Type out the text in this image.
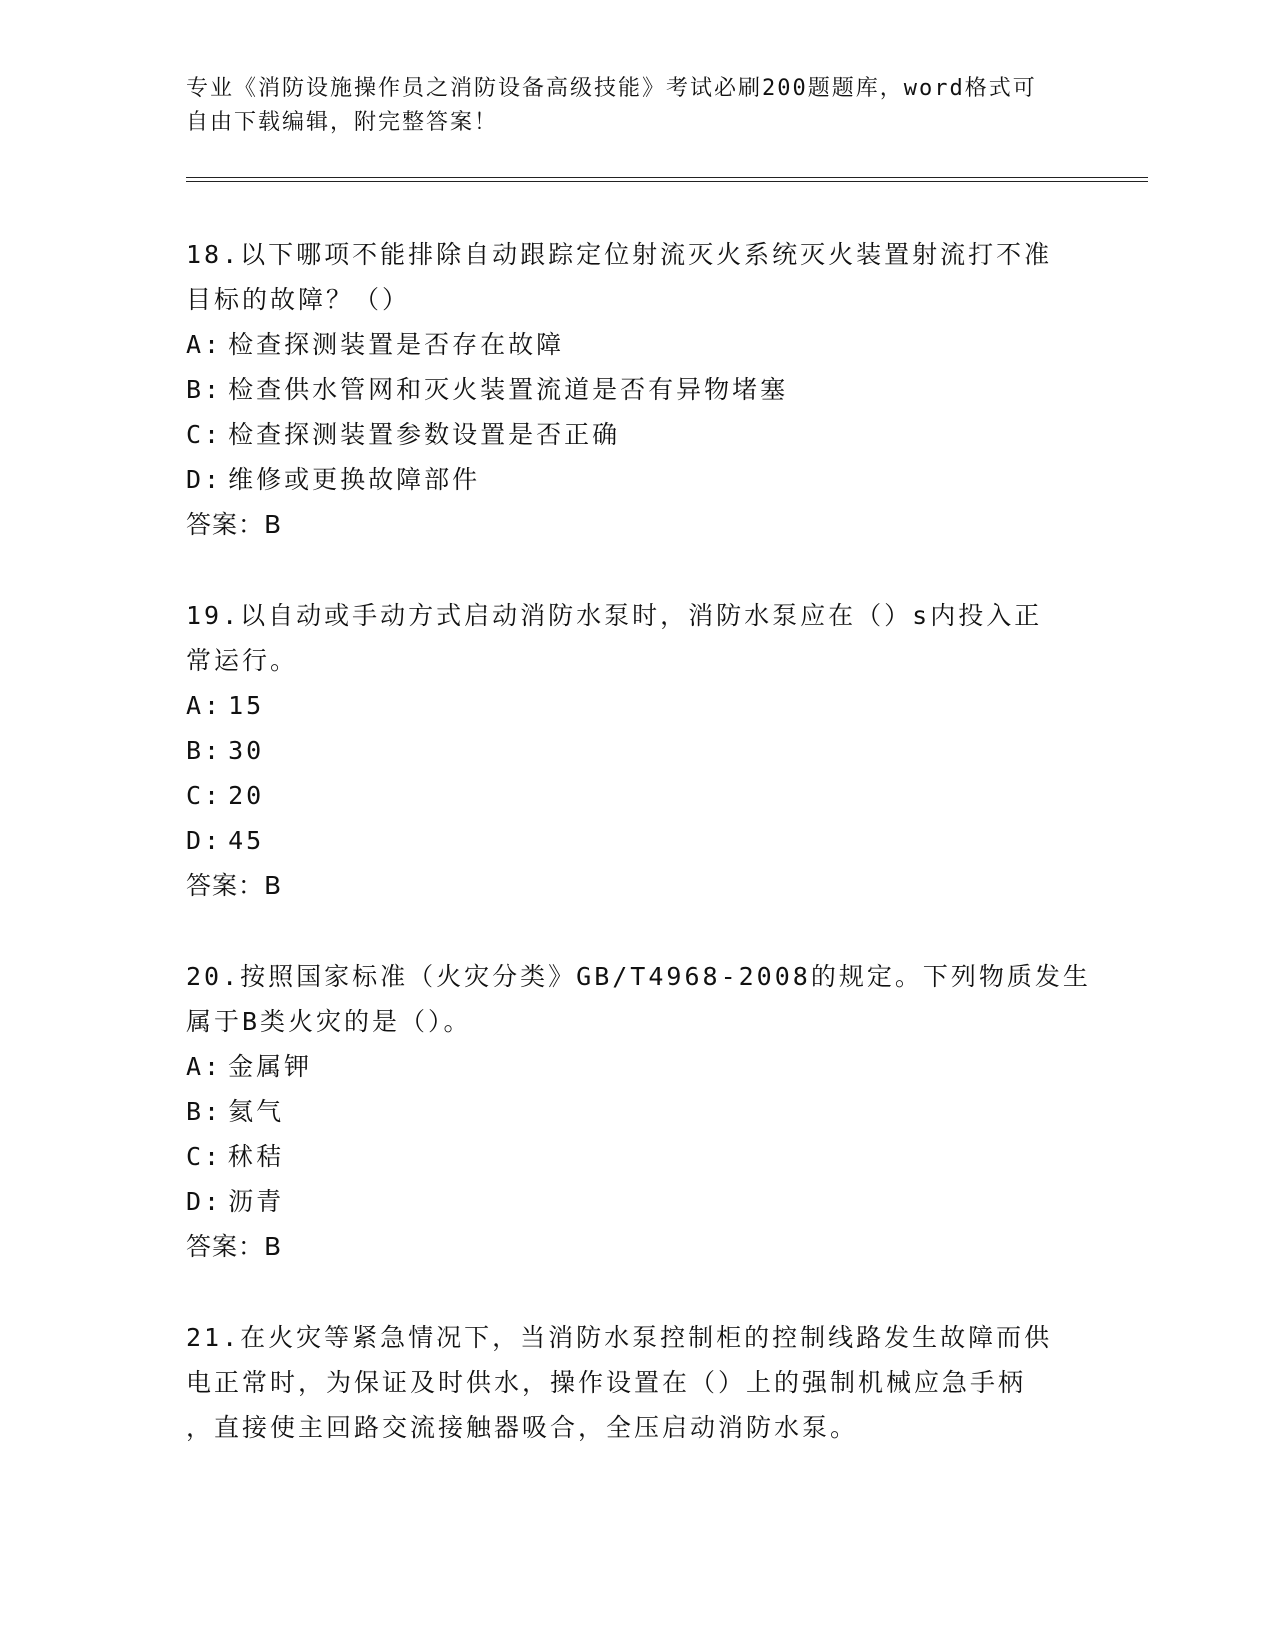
专业《消防设施操作员之消防设备高级技能》考试必刷200题题库，word格式可
自由下载编辑，附完整答案！
18.以下哪项不能排除自动跟踪定位射流灭火系统灭火装置射流打不准
目标的故障？（）
A: 检查探测装置是否存在故障
B: 检查供水管网和灭火装置流道是否有异物堵塞
C: 检查探测装置参数设置是否正确
D: 维修或更换故障部件
答案：B
19.以自动或手动方式启动消防水泵时，消防水泵应在（）s内投入正
常运行。
A: 15
B: 30
C: 20
D: 45
答案：B
20.按照国家标准（火灾分类》GB/T4968-2008的规定。下列物质发生
属于B类火灾的是（）。
A: 金属钾
B: 氦气
C: 秫秸
D: 沥青
答案：B
21.在火灾等紧急情况下，当消防水泵控制柜的控制线路发生故障而供
电正常时，为保证及时供水，操作设置在（）上的强制机械应急手柄
，直接使主回路交流接触器吸合，全压启动消防水泵。
